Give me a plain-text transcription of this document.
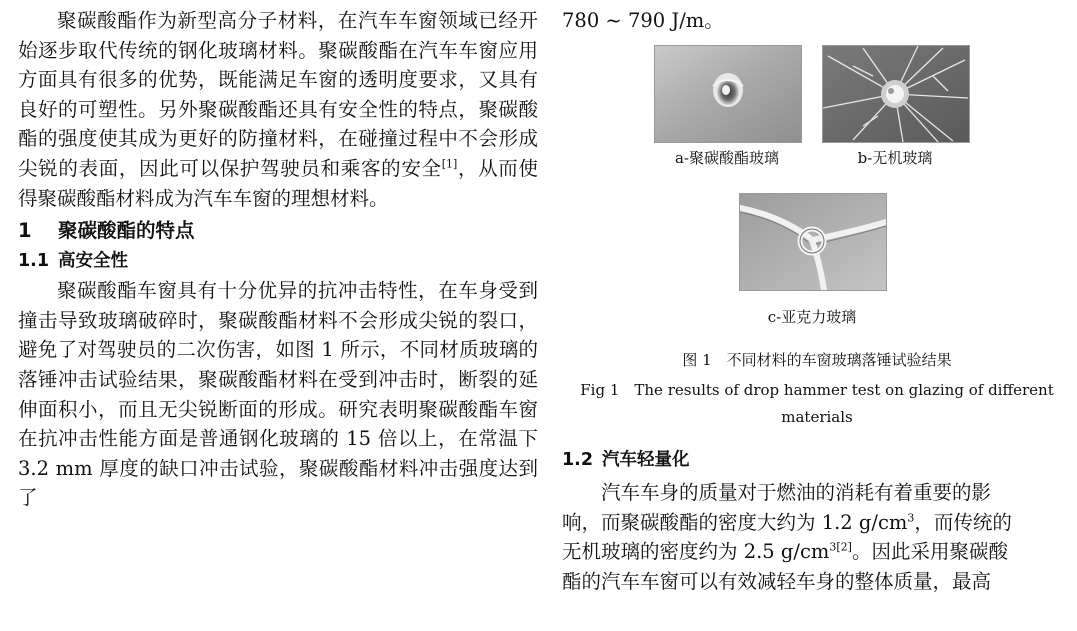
聚碳酸酯作为新型高分子材料，在汽车车窗领域已经开始逐步取代传统的钢化玻璃材料。聚碳酸酯在汽车车窗应用方面具有很多的优势，既能满足车窗的透明度要求，又具有良好的可塑性。另外聚碳酸酯还具有安全性的特点，聚碳酸酯的强度使其成为更好的防撞材料，在碰撞过程中不会形成尖锐的表面，因此可以保护驾驶员和乘客的安全[1]，从而使得聚碳酸酯材料成为汽车车窗的理想材料。

1 聚碳酸酯的特点
1.1 高安全性

聚碳酸酯车窗具有十分优异的抗冲击特性，在车身受到撞击导致玻璃破碎时，聚碳酸酯材料不会形成尖锐的裂口，避免了对驾驶员的二次伤害，如图 1 所示，不同材质玻璃的落锤冲击试验结果，聚碳酸酯材料在受到冲击时，断裂的延伸面积小，而且无尖锐断面的形成。研究表明聚碳酸酯车窗在抗冲击性能方面是普通钢化玻璃的 15 倍以上，在常温下 3.2 mm 厚度的缺口冲击试验，聚碳酸酯材料冲击强度达到了

780 ~ 790 J/m。

a-聚碳酸酯玻璃	b-无机玻璃

c-亚克力玻璃

图 1　不同材料的车窗玻璃落锤试验结果

Fig 1　The results of drop hammer test on glazing of different

materials

1.2 汽车轻量化

汽车车身的质量对于燃油的消耗有着重要的影

响，而聚碳酸酯的密度大约为 1.2 $g/cm^3$，而传统的

无机玻璃的密度约为 2.5 $g/cm^{3[2]}$。因此采用聚碳酸

酯的汽车车窗可以有效减轻车身的整体质量，最高
